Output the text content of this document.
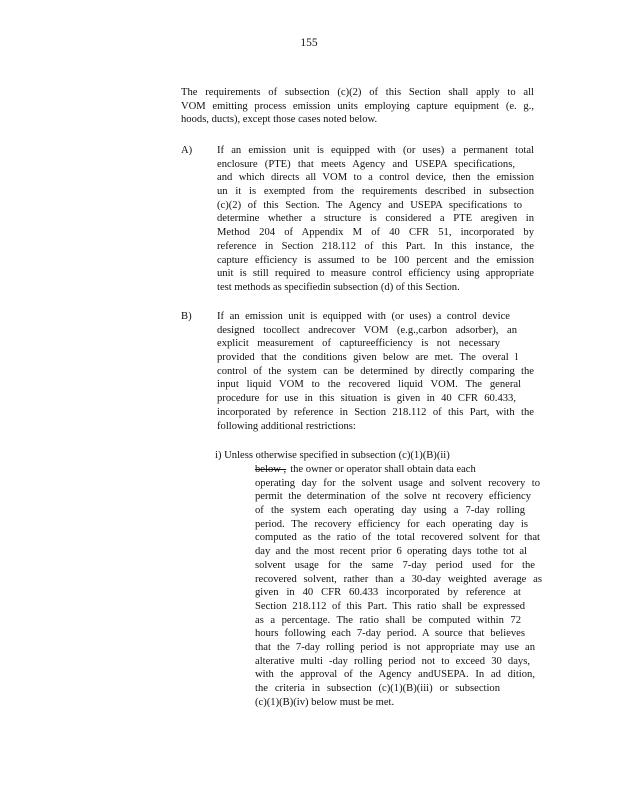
155
The requirements of subsection (c)(2) of this Section shall apply to all
VOM emitting process emission units employing capture equipment (e. g.,
hoods, ducts), except those cases noted below.
A) If an emission unit is equipped with (or uses) a permanent total
enclosure (PTE) that meets Agency and USEPA specifications,
and which directs all VOM to a control device, then the emission
un it is exempted from the requirements described in subsection
(c)(2) of this Section. The Agency and USEPA specifications to
determine whether a structure is considered a PTE aregiven in
Method 204 of Appendix M of 40 CFR 51, incorporated by
reference in Section 218.112 of this Part. In this instance, the
capture efficiency is assumed to be 100 percent and the emission
unit is still required to measure control efficiency using appropriate
test methods as specifiedin subsection (d) of this Section.
B) If an emission unit is equipped with (or uses) a control device
designed tocollect andrecover VOM (e.g.,carbon adsorber), an
explicit measurement of captureefficiency is not necessary
provided that the conditions given below are met. The overal l
control of the system can be determined by directly comparing the
input liquid VOM to the recovered liquid VOM. The general
procedure for use in this situation is given in 40 CFR 60.433,
incorporated by reference in Section 218.112 of this Part, with the
following additional restrictions:
i) Unless otherwise specified in subsection (c)(1)(B)(ii)
below , the owner or operator shall obtain data each
operating day for the solvent usage and solvent recovery to
permit the determination of the solve nt recovery efficiency
of the system each operating day using a 7-day rolling
period. The recovery efficiency for each operating day is
computed as the ratio of the total recovered solvent for that
day and the most recent prior 6 operating days tothe tot al
solvent usage for the same 7-day period used for the
recovered solvent, rather than a 30-day weighted average as
given in 40 CFR 60.433 incorporated by reference at
Section 218.112 of this Part. This ratio shall be expressed
as a percentage. The ratio shall be computed within 72
hours following each 7-day period. A source that believes
that the 7-day rolling period is not appropriate may use an
alterative multi -day rolling period not to exceed 30 days,
with the approval of the Agency andUSEPA. In ad dition,
the criteria in subsection (c)(1)(B)(iii) or subsection
(c)(1)(B)(iv) below must be met.
